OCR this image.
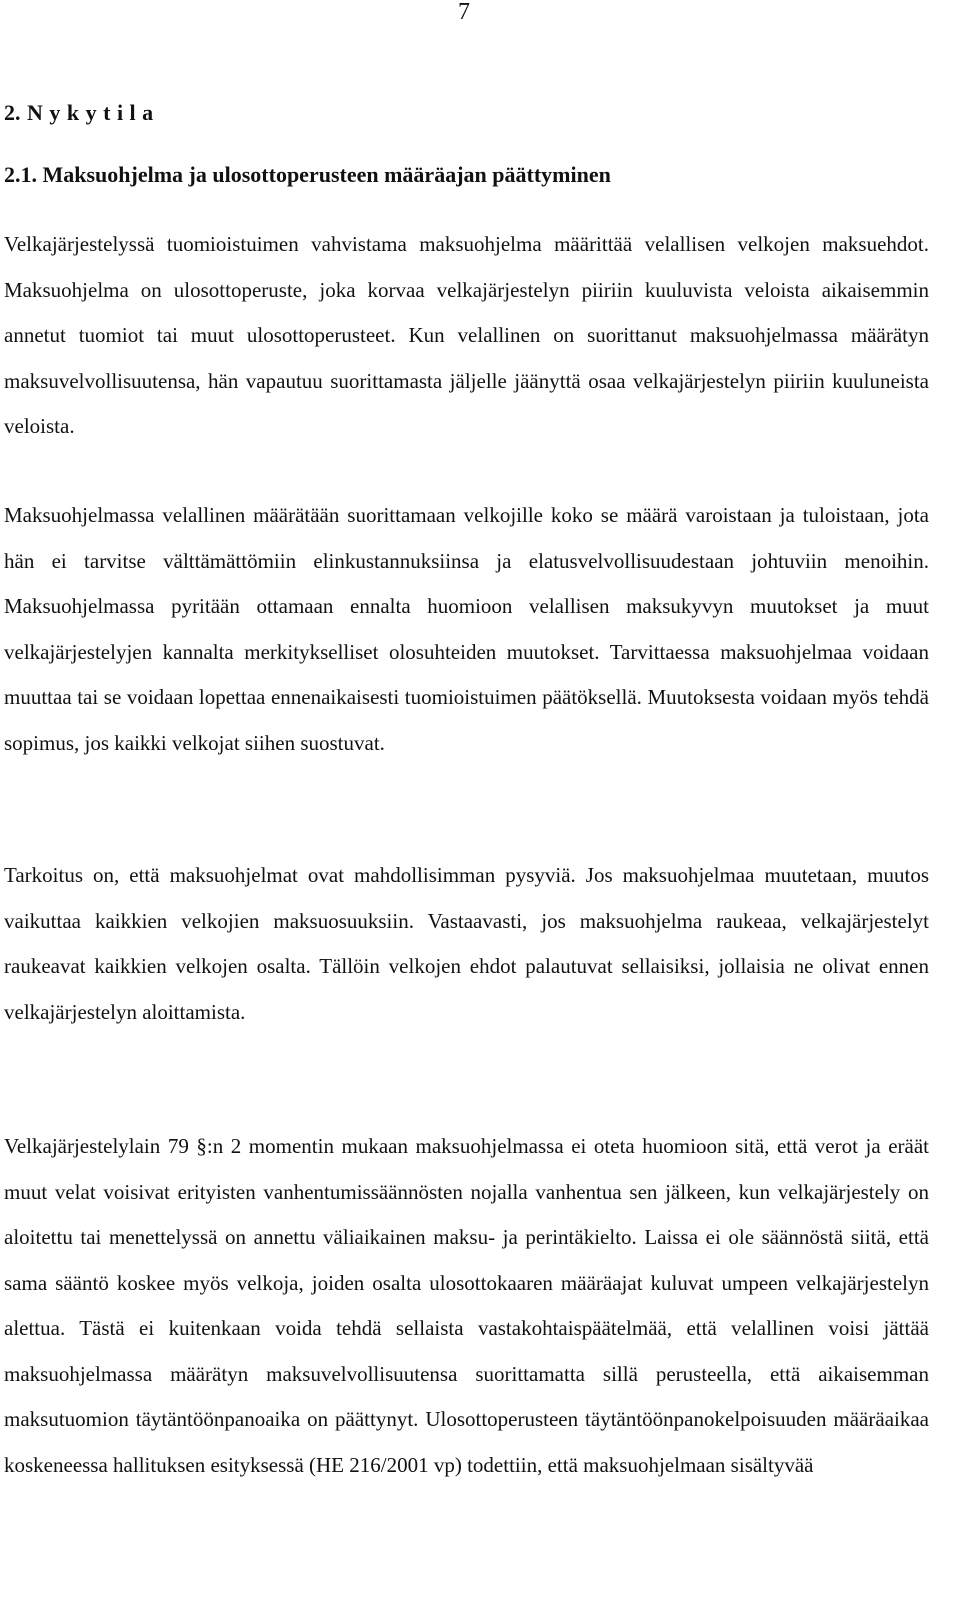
7
2. N y k y t i l a
2.1. Maksuohjelma ja ulosottoperusteen määräajan päättyminen

Velkajärjestelyssä tuomioistuimen vahvistama maksuohjelma määrittää velallisen velkojen maksuehdot. Maksuohjelma on ulosottoperuste, joka korvaa velkajärjestelyn piiriin kuuluvista veloista aikaisemmin annetut tuomiot tai muut ulosottoperusteet. Kun velallinen on suorittanut maksuohjelmassa määrätyn maksuvelvollisuutensa, hän vapautuu suorittamasta jäljelle jäänyttä osaa velkajärjestelyn piiriin kuuluneista veloista.

Maksuohjelmassa velallinen määrätään suorittamaan velkojille koko se määrä varoistaan ja tuloistaan, jota hän ei tarvitse välttämättömiin elinkustannuksiinsa ja elatusvelvollisuudestaan johtuviin menoihin. Maksuohjelmassa pyritään ottamaan ennalta huomioon velallisen maksukyvyn muutokset ja muut velkajärjestelyjen kannalta merkitykselliset olosuhteiden muutokset. Tarvittaessa maksuohjelmaa voidaan muuttaa tai se voidaan lopettaa ennenaikaisesti tuomioistuimen päätöksellä. Muutoksesta voidaan myös tehdä sopimus, jos kaikki velkojat siihen suostuvat.

Tarkoitus on, että maksuohjelmat ovat mahdollisimman pysyviä. Jos maksuohjelmaa muutetaan, muutos vaikuttaa kaikkien velkojien maksuosuuksiin. Vastaavasti, jos maksuohjelma raukeaa, velkajärjestelyt raukeavat kaikkien velkojen osalta. Tällöin velkojen ehdot palautuvat sellaisiksi, jollaisia ne olivat ennen velkajärjestelyn aloittamista.

Velkajärjestelylain 79 §:n 2 momentin mukaan maksuohjelmassa ei oteta huomioon sitä, että verot ja eräät muut velat voisivat erityisten vanhentumissäännösten nojalla vanhentua sen jälkeen, kun velkajärjestely on aloitettu tai menettelyssä on annettu väliaikainen maksu- ja perintäkielto. Laissa ei ole säännöstä siitä, että sama sääntö koskee myös velkoja, joiden osalta ulosottokaaren määräajat kuluvat umpeen velkajärjestelyn alettua. Tästä ei kuitenkaan voida tehdä sellaista vastakohtaispäätelmää, että velallinen voisi jättää maksuohjelmassa määrätyn maksuvelvollisuutensa suorittamatta sillä perusteella, että aikaisemman maksutuomion täytäntöönpanoaika on päättynyt. Ulosottoperusteen täytäntöönpanokelpoisuuden määräaikaa koskeneessa hallituksen esityksessä (HE 216/2001 vp) todettiin, että maksuohjelmaan sisältyvää
